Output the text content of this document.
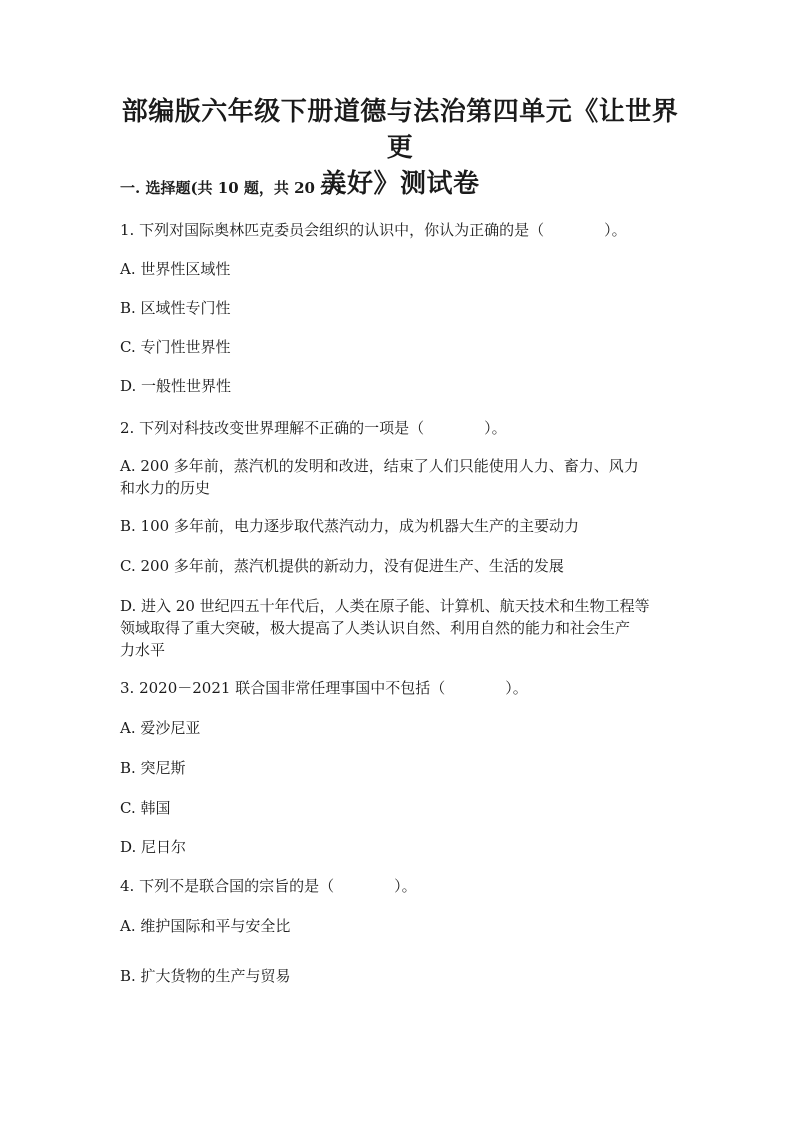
部编版六年级下册道德与法治第四单元《让世界更
美好》测试卷
一. 选择题(共 10 题，共 20 分)
1. 下列对国际奥林匹克委员会组织的认识中，你认为正确的是（　　　　）。
A. 世界性区域性
B. 区域性专门性
C. 专门性世界性
D. 一般性世界性
2. 下列对科技改变世界理解不正确的一项是（　　　　）。
A. 200 多年前，蒸汽机的发明和改进，结束了人们只能使用人力、畜力、风力
和水力的历史
B. 100 多年前，电力逐步取代蒸汽动力，成为机器大生产的主要动力
C. 200 多年前，蒸汽机提供的新动力，没有促进生产、生活的发展
D. 进入 20 世纪四五十年代后，人类在原子能、计算机、航天技术和生物工程等
领域取得了重大突破，极大提高了人类认识自然、利用自然的能力和社会生产
力水平
3. 2020－2021 联合国非常任理事国中不包括（　　　　）。
A. 爱沙尼亚
B. 突尼斯
C. 韩国
D. 尼日尔
4. 下列不是联合国的宗旨的是（　　　　）。
A. 维护国际和平与安全比
B. 扩大货物的生产与贸易
